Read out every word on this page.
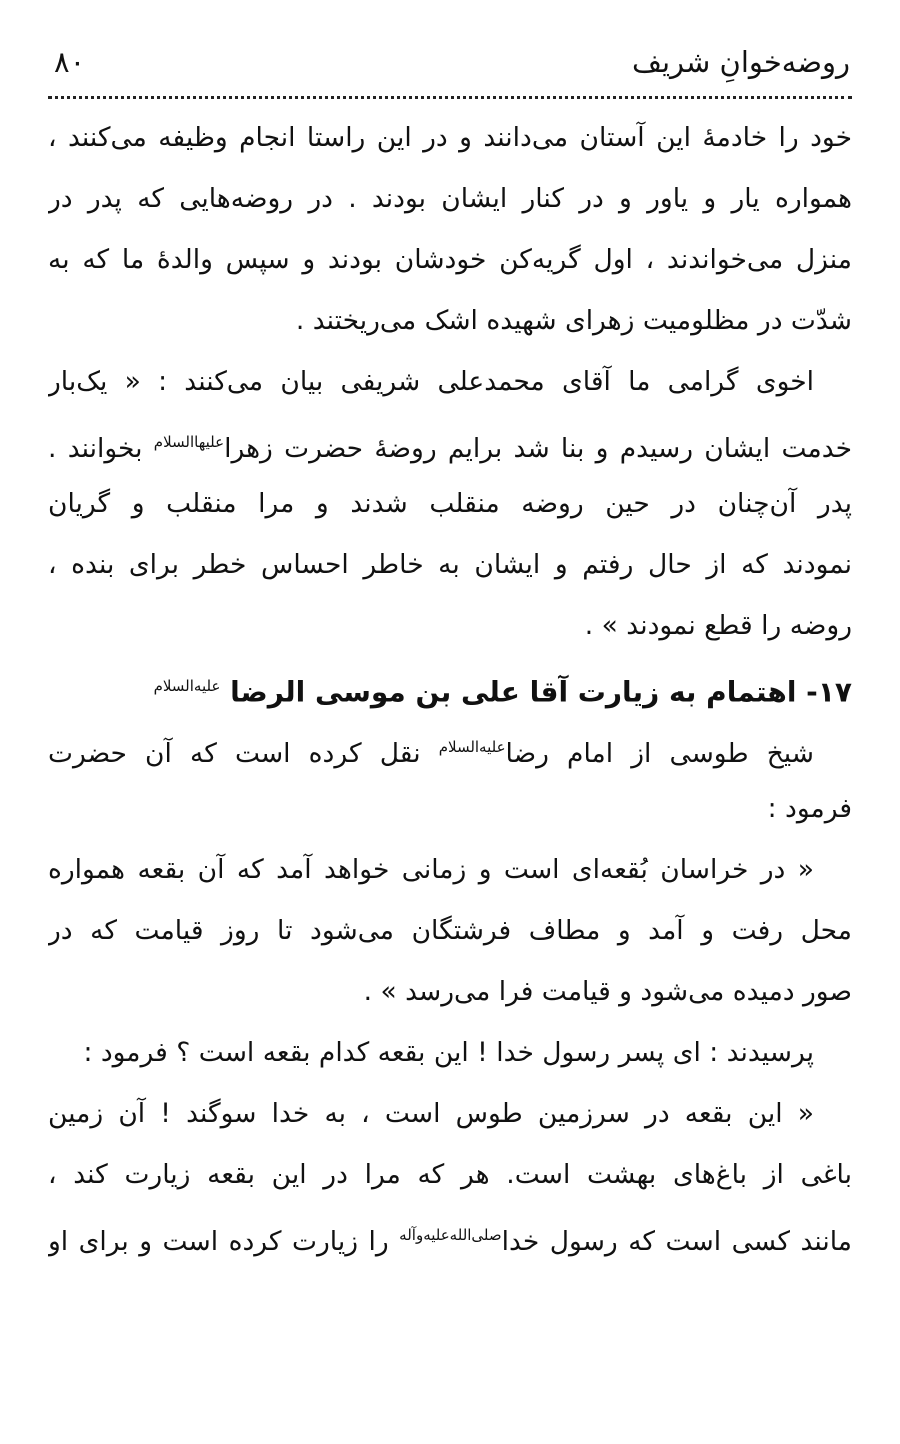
روضه‌خوانِ شریف
۸۰
خود را خادمهٔ این آستان می‌دانند و در این راستا انجام وظیفه می‌کنند ،
همواره یار و یاور و در کنار ایشان بودند . در روضه‌هایی که پدر در
منزل می‌خواندند ، اول گریه‌کن خودشان بودند و سپس والدهٔ ما که به
شدّت در مظلومیت زهرای شهیده اشک می‌ریختند .
اخوی گرامی ما آقای محمدعلی شریفی بیان می‌کنند : « یک‌بار
خدمت ایشان رسیدم و بنا شد برایم روضهٔ حضرت زهرا$^{عليهاالسلام}$ بخوانند .
پدر آن‌چنان در حین روضه منقلب شدند و مرا منقلب و گریان
نمودند که از حال رفتم و ایشان به خاطر احساس خطر برای بنده ،
روضه را قطع نمودند » .
۱۷- اهتمام به زیارت آقا علی بن موسی الرضا $^{عليه‌السلام}$
شیخ طوسی از امام رضا$^{عليه‌السلام}$ نقل کرده است که آن حضرت
فرمود :
« در خراسان بُقعه‌ای است و زمانی خواهد آمد که آن بقعه همواره
محل رفت و آمد و مطاف فرشتگان می‌شود تا روز قیامت که در
صور دمیده می‌شود و قیامت فرا می‌رسد » .
پرسیدند : ای پسر رسول خدا ! این بقعه کدام بقعه است ؟ فرمود :
« این بقعه در سرزمین طوس است ، به خدا سوگند ! آن زمین
باغی از باغ‌های بهشت است. هر که مرا در این بقعه زیارت کند ،
مانند کسی است که رسول خدا$^{صلى‌الله‌عليه‌وآله}$ را زیارت کرده است و برای او
